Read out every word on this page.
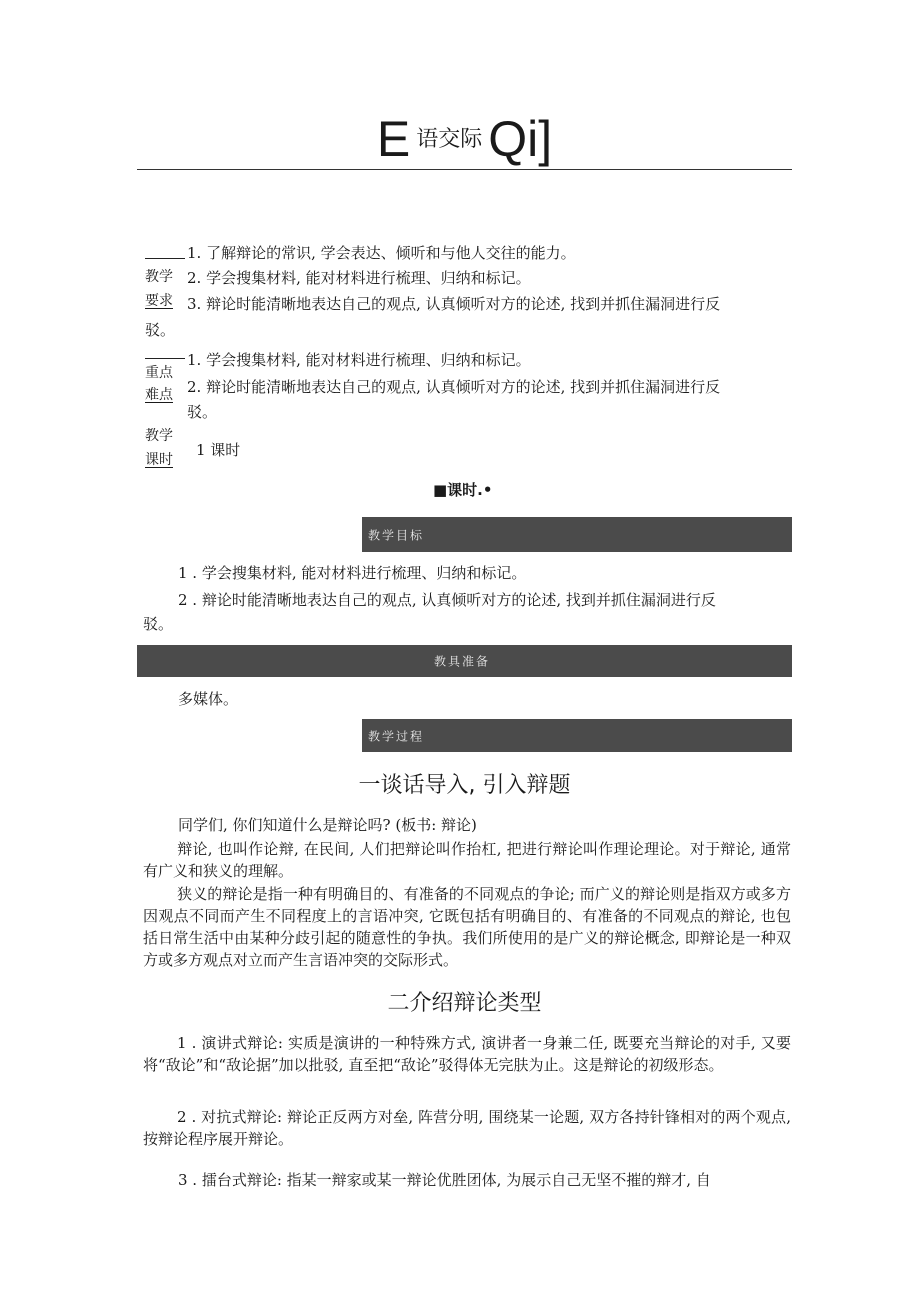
E语交际 Qi]
教学
要求
1. 了解辩论的常识, 学会表达、倾听和与他人交往的能力。
2. 学会搜集材料, 能对材料进行梳理、归纳和标记。
3. 辩论时能清晰地表达自己的观点, 认真倾听对方的论述, 找到并抓住漏洞进行反
驳。
重点
难点
1. 学会搜集材料, 能对材料进行梳理、归纳和标记。
2. 辩论时能清晰地表达自己的观点, 认真倾听对方的论述, 找到并抓住漏洞进行反
驳。
教学
课时
1 课时
■课时.•
教学目标
1 . 学会搜集材料, 能对材料进行梳理、归纳和标记。
2 . 辩论时能清晰地表达自己的观点, 认真倾听对方的论述, 找到并抓住漏洞进行反
驳。
教具准备
多媒体。
教学过程
一谈话导入, 引入辩题
同学们, 你们知道什么是辩论吗? (板书: 辩论)
辩论, 也叫作论辩, 在民间, 人们把辩论叫作抬杠, 把进行辩论叫作理论理论。对于辩论, 通常有广义和狭义的理解。
狭义的辩论是指一种有明确目的、有准备的不同观点的争论; 而广义的辩论则是指双方或多方因观点不同而产生不同程度上的言语冲突, 它既包括有明确目的、有准备的不同观点的辩论, 也包括日常生活中由某种分歧引起的随意性的争执。我们所使用的是广义的辩论概念, 即辩论是一种双方或多方观点对立而产生言语冲突的交际形式。
二介绍辩论类型
1 . 演讲式辩论: 实质是演讲的一种特殊方式, 演讲者一身兼二任, 既要充当辩论的对手, 又要将“敌论”和“敌论据”加以批驳, 直至把“敌论”驳得体无完肤为止。这是辩论的初级形态。
2 . 对抗式辩论: 辩论正反两方对垒, 阵营分明, 围绕某一论题, 双方各持针锋相对的两个观点, 按辩论程序展开辩论。
3 . 擂台式辩论: 指某一辩家或某一辩论优胜团体, 为展示自己无坚不摧的辩才, 自
